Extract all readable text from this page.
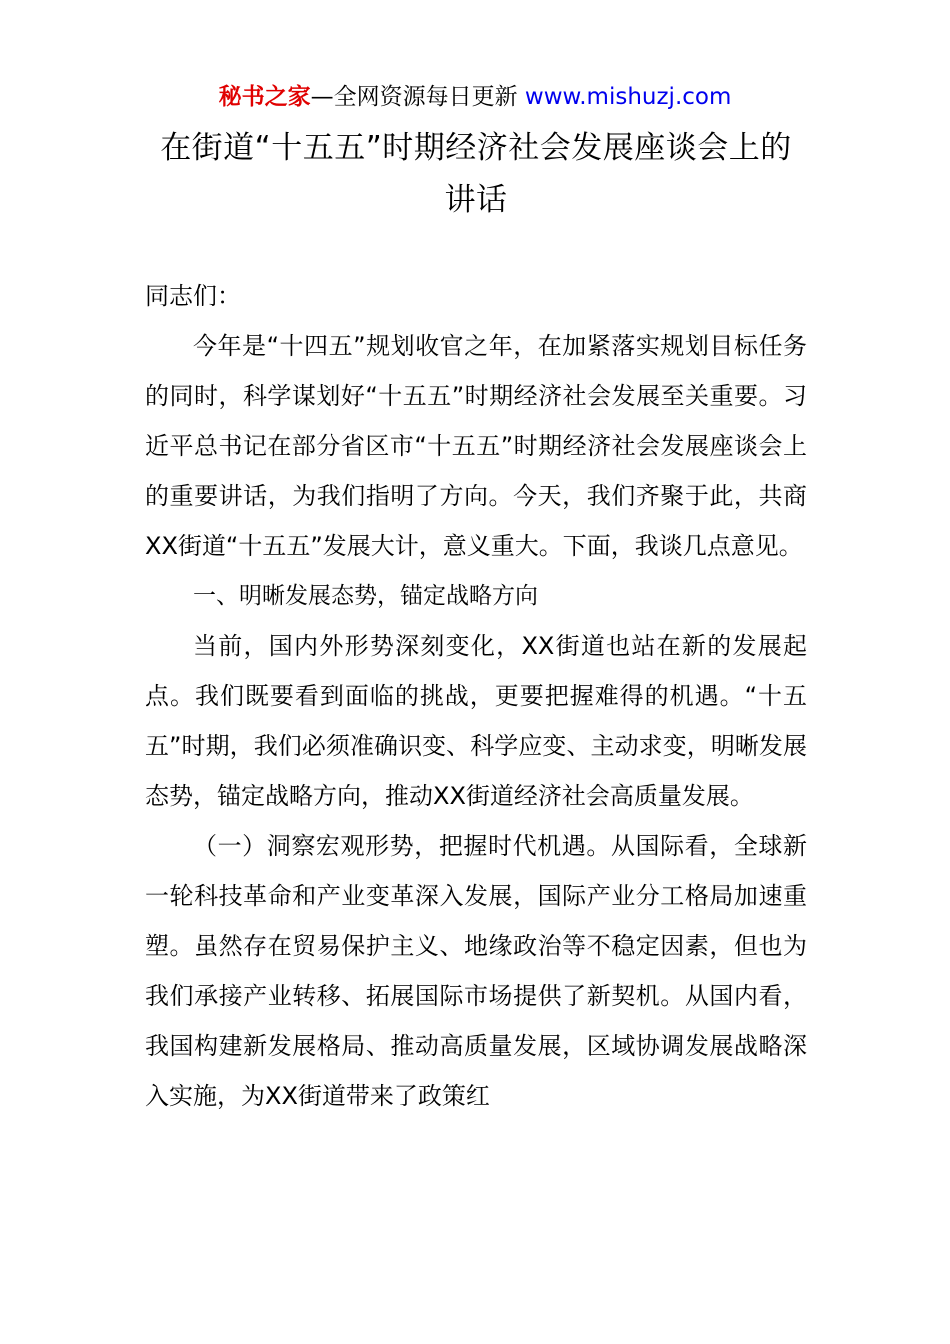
秘书之家—全网资源每日更新 www.mishuzj.com
在街道“十五五”时期经济社会发展座谈会上的讲话
同志们：

今年是“十四五”规划收官之年，在加紧落实规划目标任务的同时，科学谋划好“十五五”时期经济社会发展至关重要。习近平总书记在部分省区市“十五五”时期经济社会发展座谈会上的重要讲话，为我们指明了方向。今天，我们齐聚于此，共商XX街道“十五五”发展大计，意义重大。下面，我谈几点意见。

一、明晰发展态势，锚定战略方向

当前，国内外形势深刻变化，XX街道也站在新的发展起点。我们既要看到面临的挑战，更要把握难得的机遇。“十五五”时期，我们必须准确识变、科学应变、主动求变，明晰发展态势，锚定战略方向，推动XX街道经济社会高质量发展。

（一）洞察宏观形势，把握时代机遇。从国际看，全球新一轮科技革命和产业变革深入发展，国际产业分工格局加速重塑。虽然存在贸易保护主义、地缘政治等不稳定因素，但也为我们承接产业转移、拓展国际市场提供了新契机。从国内看，我国构建新发展格局、推动高质量发展，区域协调发展战略深入实施，为XX街道带来了政策红
